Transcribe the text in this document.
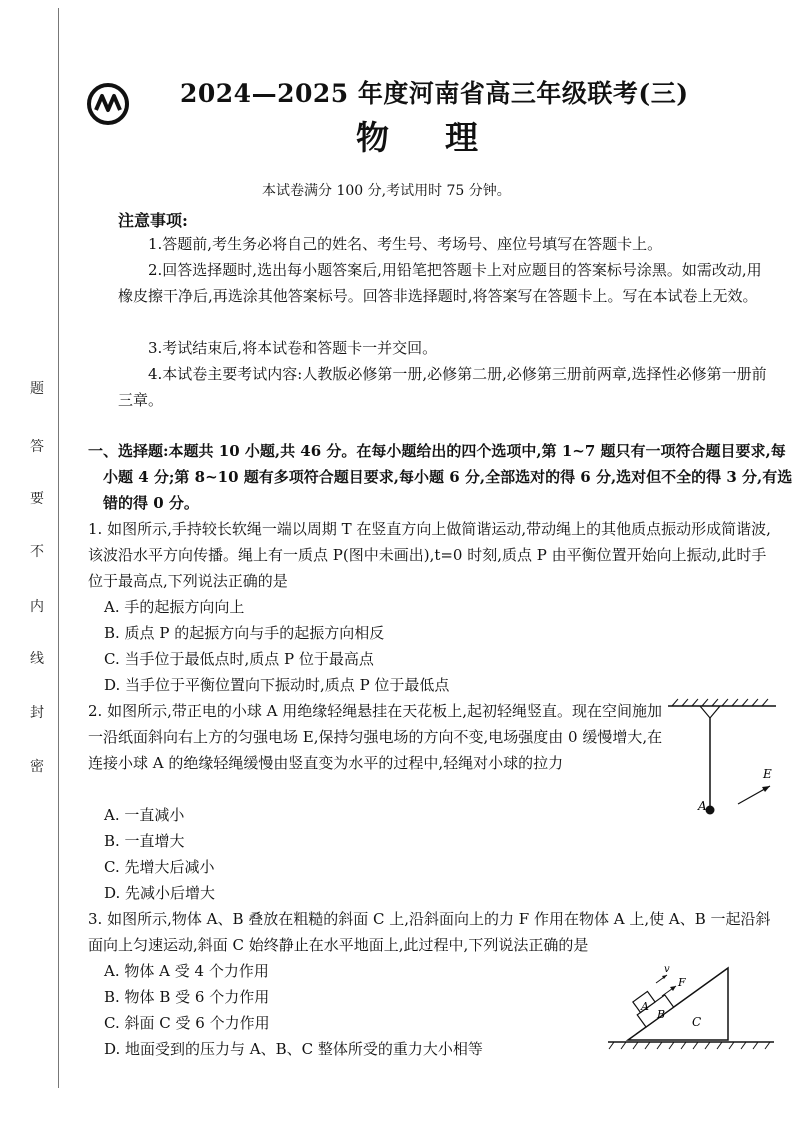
题
答
要
不
内
线
封
密
2024—2025 年度河南省高三年级联考(三)
物理
本试卷满分 100 分,考试用时 75 分钟。
注意事项:
1.答题前,考生务必将自己的姓名、考生号、考场号、座位号填写在答题卡上。
2.回答选择题时,选出每小题答案后,用铅笔把答题卡上对应题目的答案标号涂黑。如需改动,用橡皮擦干净后,再选涂其他答案标号。回答非选择题时,将答案写在答题卡上。写在本试卷上无效。
3.考试结束后,将本试卷和答题卡一并交回。
4.本试卷主要考试内容:人教版必修第一册,必修第二册,必修第三册前两章,选择性必修第一册前三章。
一、选择题:本题共 10 小题,共 46 分。在每小题给出的四个选项中,第 1~7 题只有一项符合题目要求,每小题 4 分;第 8~10 题有多项符合题目要求,每小题 6 分,全部选对的得 6 分,选对但不全的得 3 分,有选错的得 0 分。
1. 如图所示,手持较长软绳一端以周期 T 在竖直方向上做简谐运动,带动绳上的其他质点振动形成简谐波,该波沿水平方向传播。绳上有一质点 P(图中未画出),t=0 时刻,质点 P 由平衡位置开始向上振动,此时手位于最高点,下列说法正确的是
A. 手的起振方向向上
B. 质点 P 的起振方向与手的起振方向相反
C. 当手位于最低点时,质点 P 位于最高点
D. 当手位于平衡位置向下振动时,质点 P 位于最低点
2. 如图所示,带正电的小球 A 用绝缘轻绳悬挂在天花板上,起初轻绳竖直。现在空间施加一沿纸面斜向右上方的匀强电场 E,保持匀强电场的方向不变,电场强度由 0 缓慢增大,在连接小球 A 的绝缘轻绳缓慢由竖直变为水平的过程中,轻绳对小球的拉力
A. 一直减小
B. 一直增大
C. 先增大后减小
D. 先减小后增大
A
E
3. 如图所示,物体 A、B 叠放在粗糙的斜面 C 上,沿斜面向上的力 F 作用在物体 A 上,使 A、B 一起沿斜面向上匀速运动,斜面 C 始终静止在水平地面上,此过程中,下列说法正确的是
A. 物体 A 受 4 个力作用
B. 物体 B 受 6 个力作用
C. 斜面 C 受 6 个力作用
D. 地面受到的压力与 A、B、C 整体所受的重力大小相等
C
B
A
F
v
